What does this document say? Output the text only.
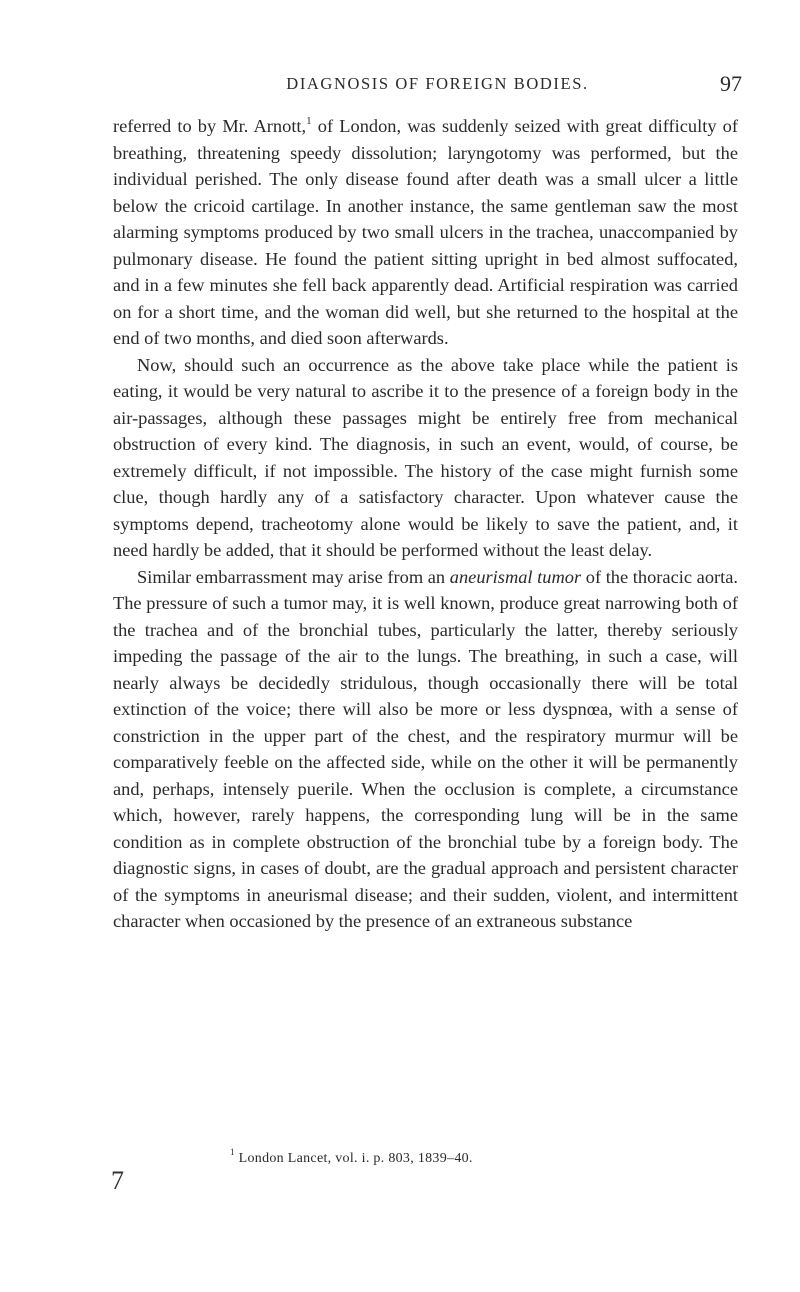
DIAGNOSIS OF FOREIGN BODIES.	97

referred to by Mr. Arnott,$^1$ of London, was suddenly seized with great difficulty of breathing, threatening speedy dissolution; laryngotomy was performed, but the individual perished. The only disease found after death was a small ulcer a little below the cricoid cartilage. In another instance, the same gentleman saw the most alarming symptoms produced by two small ulcers in the trachea, unaccompanied by pulmonary disease. He found the patient sitting upright in bed almost suffocated, and in a few minutes she fell back apparently dead. Artificial respiration was carried on for a short time, and the woman did well, but she returned to the hospital at the end of two months, and died soon afterwards.

Now, should such an occurrence as the above take place while the patient is eating, it would be very natural to ascribe it to the presence of a foreign body in the air-passages, although these passages might be entirely free from mechanical obstruction of every kind. The diagnosis, in such an event, would, of course, be extremely difficult, if not impossible. The history of the case might furnish some clue, though hardly any of a satisfactory character. Upon whatever cause the symptoms depend, tracheotomy alone would be likely to save the patient, and, it need hardly be added, that it should be performed without the least delay.

Similar embarrassment may arise from an aneurismal tumor of the thoracic aorta. The pressure of such a tumor may, it is well known, produce great narrowing both of the trachea and of the bronchial tubes, particularly the latter, thereby seriously impeding the passage of the air to the lungs. The breathing, in such a case, will nearly always be decidedly stridulous, though occasionally there will be total extinction of the voice; there will also be more or less dyspnœa, with a sense of constriction in the upper part of the chest, and the respiratory murmur will be comparatively feeble on the affected side, while on the other it will be permanently and, perhaps, intensely puerile. When the occlusion is complete, a circumstance which, however, rarely happens, the corresponding lung will be in the same condition as in complete obstruction of the bronchial tube by a foreign body. The diagnostic signs, in cases of doubt, are the gradual approach and persistent character of the symptoms in aneurismal disease; and their sudden, violent, and intermittent character when occasioned by the presence of an extraneous substance

$^1$ London Lancet, vol. i. p. 803, 1839–40.
7
